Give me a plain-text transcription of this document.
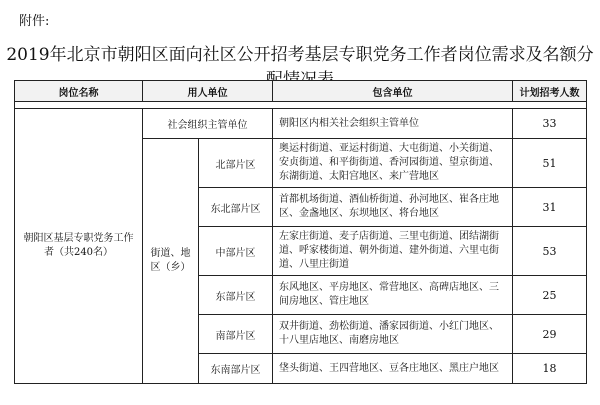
附件:
2019年北京市朝阳区面向社区公开招考基层专职党务工作者岗位需求及名额分
岗位名称	用人单位		包含单位	计划招考人数

朝阳区基层专职党务工作者（共240名）	社会组织主管单位		朝阳区内相关社会组织主管单位	33
	街道、地区（乡）	北部片区	奥运村街道、亚运村街道、大屯街道、小关街道、安贞街道、和平街街道、香河园街道、望京街道、东湖街道、太阳宫地区、来广营地区	51
		东北部片区	首都机场街道、酒仙桥街道、孙河地区、崔各庄地区、金盏地区、东坝地区、将台地区	31
		中部片区	左家庄街道、麦子店街道、三里屯街道、团结湖街道、呼家楼街道、朝外街道、建外街道、六里屯街道、八里庄街道	53
		东部片区	东风地区、平房地区、常营地区、高碑店地区、三间房地区、管庄地区	25
		南部片区	双井街道、劲松街道、潘家园街道、小红门地区、十八里店地区、南磨房地区	29
		东南部片区	垡头街道、王四营地区、豆各庄地区、黑庄户地区	18
